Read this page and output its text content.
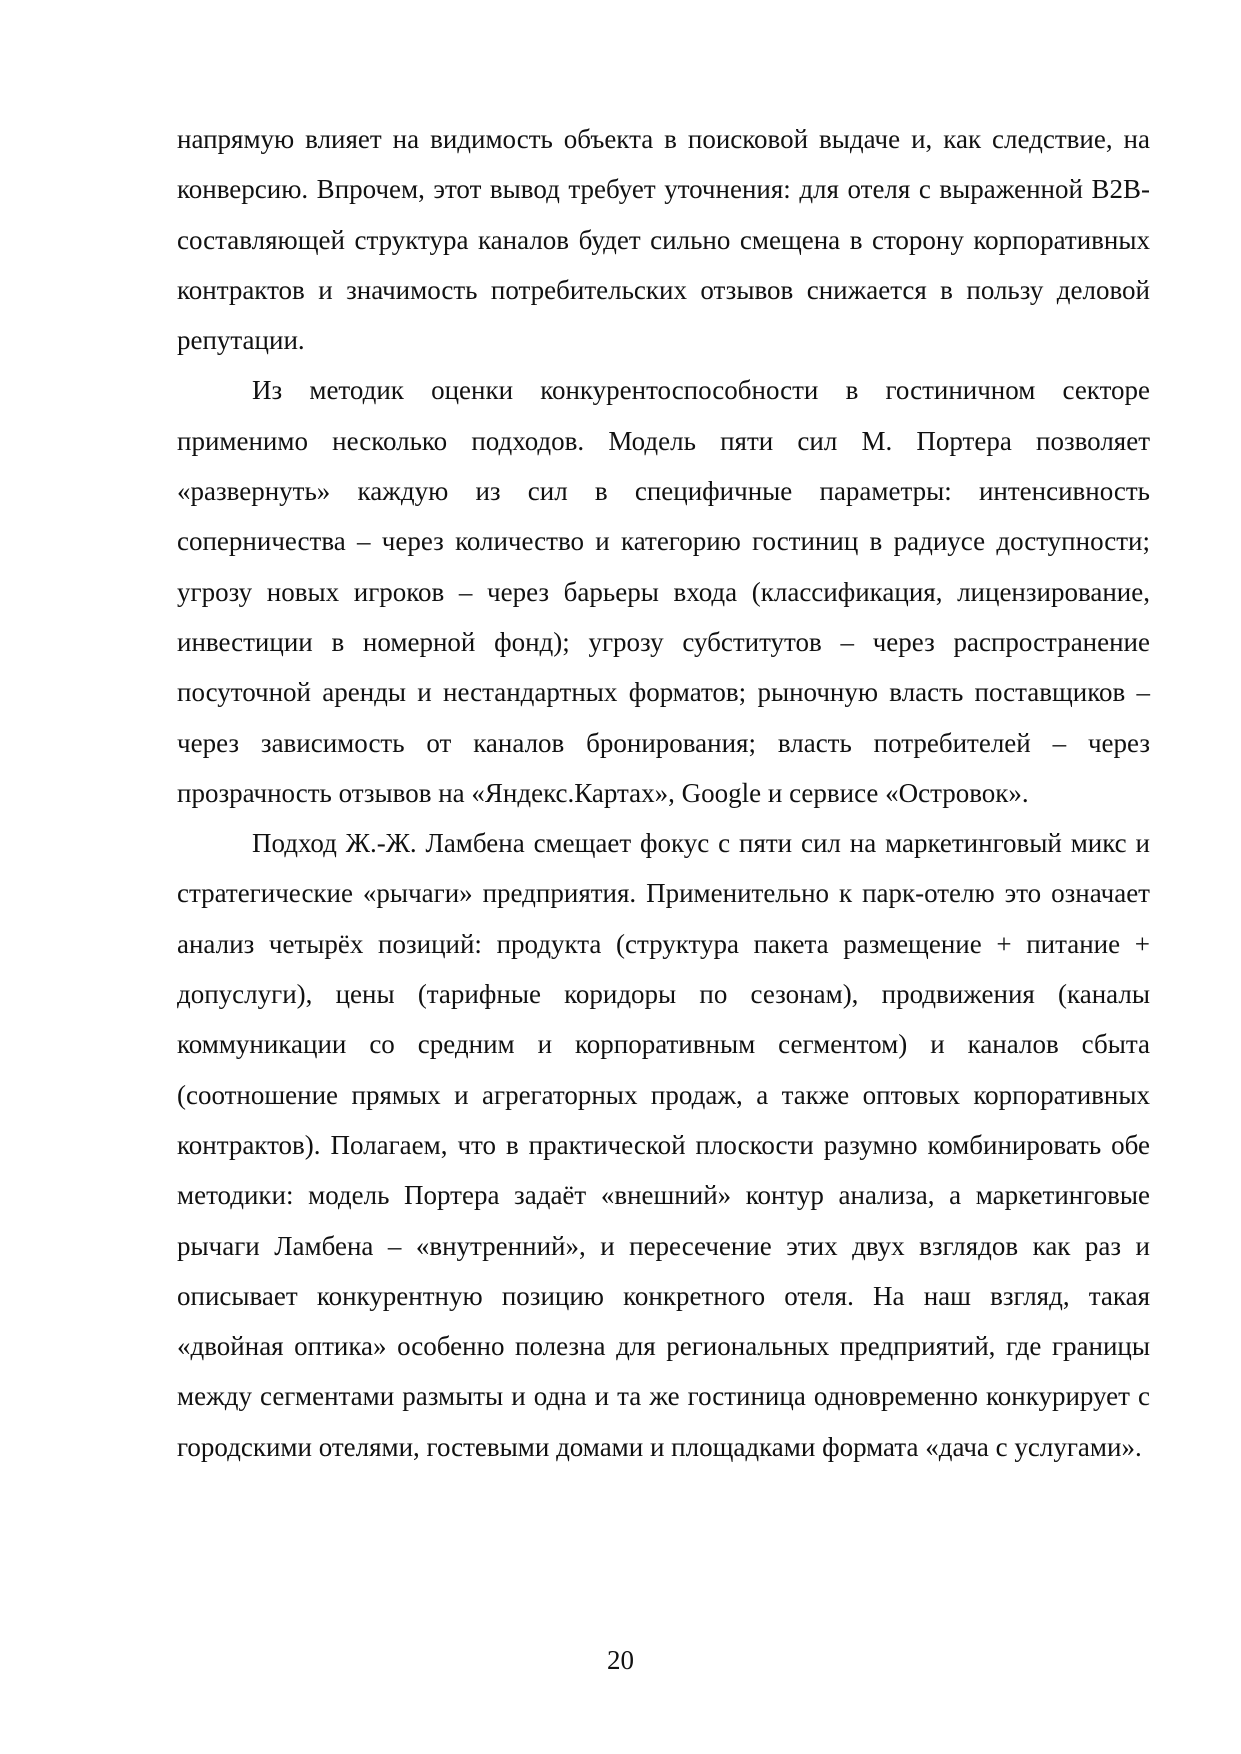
напрямую влияет на видимость объекта в поисковой выдаче и, как следствие, на конверсию. Впрочем, этот вывод требует уточнения: для отеля с выраженной B2B-составляющей структура каналов будет сильно смещена в сторону корпоративных контрактов и значимость потребительских отзывов снижается в пользу деловой репутации.

Из методик оценки конкурентоспособности в гостиничном секторе применимо несколько подходов. Модель пяти сил М. Портера позволяет «развернуть» каждую из сил в специфичные параметры: интенсивность соперничества – через количество и категорию гостиниц в радиусе доступности; угрозу новых игроков – через барьеры входа (классификация, лицензирование, инвестиции в номерной фонд); угрозу субститутов – через распространение посуточной аренды и нестандартных форматов; рыночную власть поставщиков – через зависимость от каналов бронирования; власть потребителей – через прозрачность отзывов на «Яндекс.Картах», Google и сервисе «Островок».

Подход Ж.-Ж. Ламбена смещает фокус с пяти сил на маркетинговый микс и стратегические «рычаги» предприятия. Применительно к парк-отелю это означает анализ четырёх позиций: продукта (структура пакета размещение + питание + допуслуги), цены (тарифные коридоры по сезонам), продвижения (каналы коммуникации со средним и корпоративным сегментом) и каналов сбыта (соотношение прямых и агрегаторных продаж, а также оптовых корпоративных контрактов). Полагаем, что в практической плоскости разумно комбинировать обе методики: модель Портера задаёт «внешний» контур анализа, а маркетинговые рычаги Ламбена – «внутренний», и пересечение этих двух взглядов как раз и описывает конкурентную позицию конкретного отеля. На наш взгляд, такая «двойная оптика» особенно полезна для региональных предприятий, где границы между сегментами размыты и одна и та же гостиница одновременно конкурирует с городскими отелями, гостевыми домами и площадками формата «дача с услугами».

20
